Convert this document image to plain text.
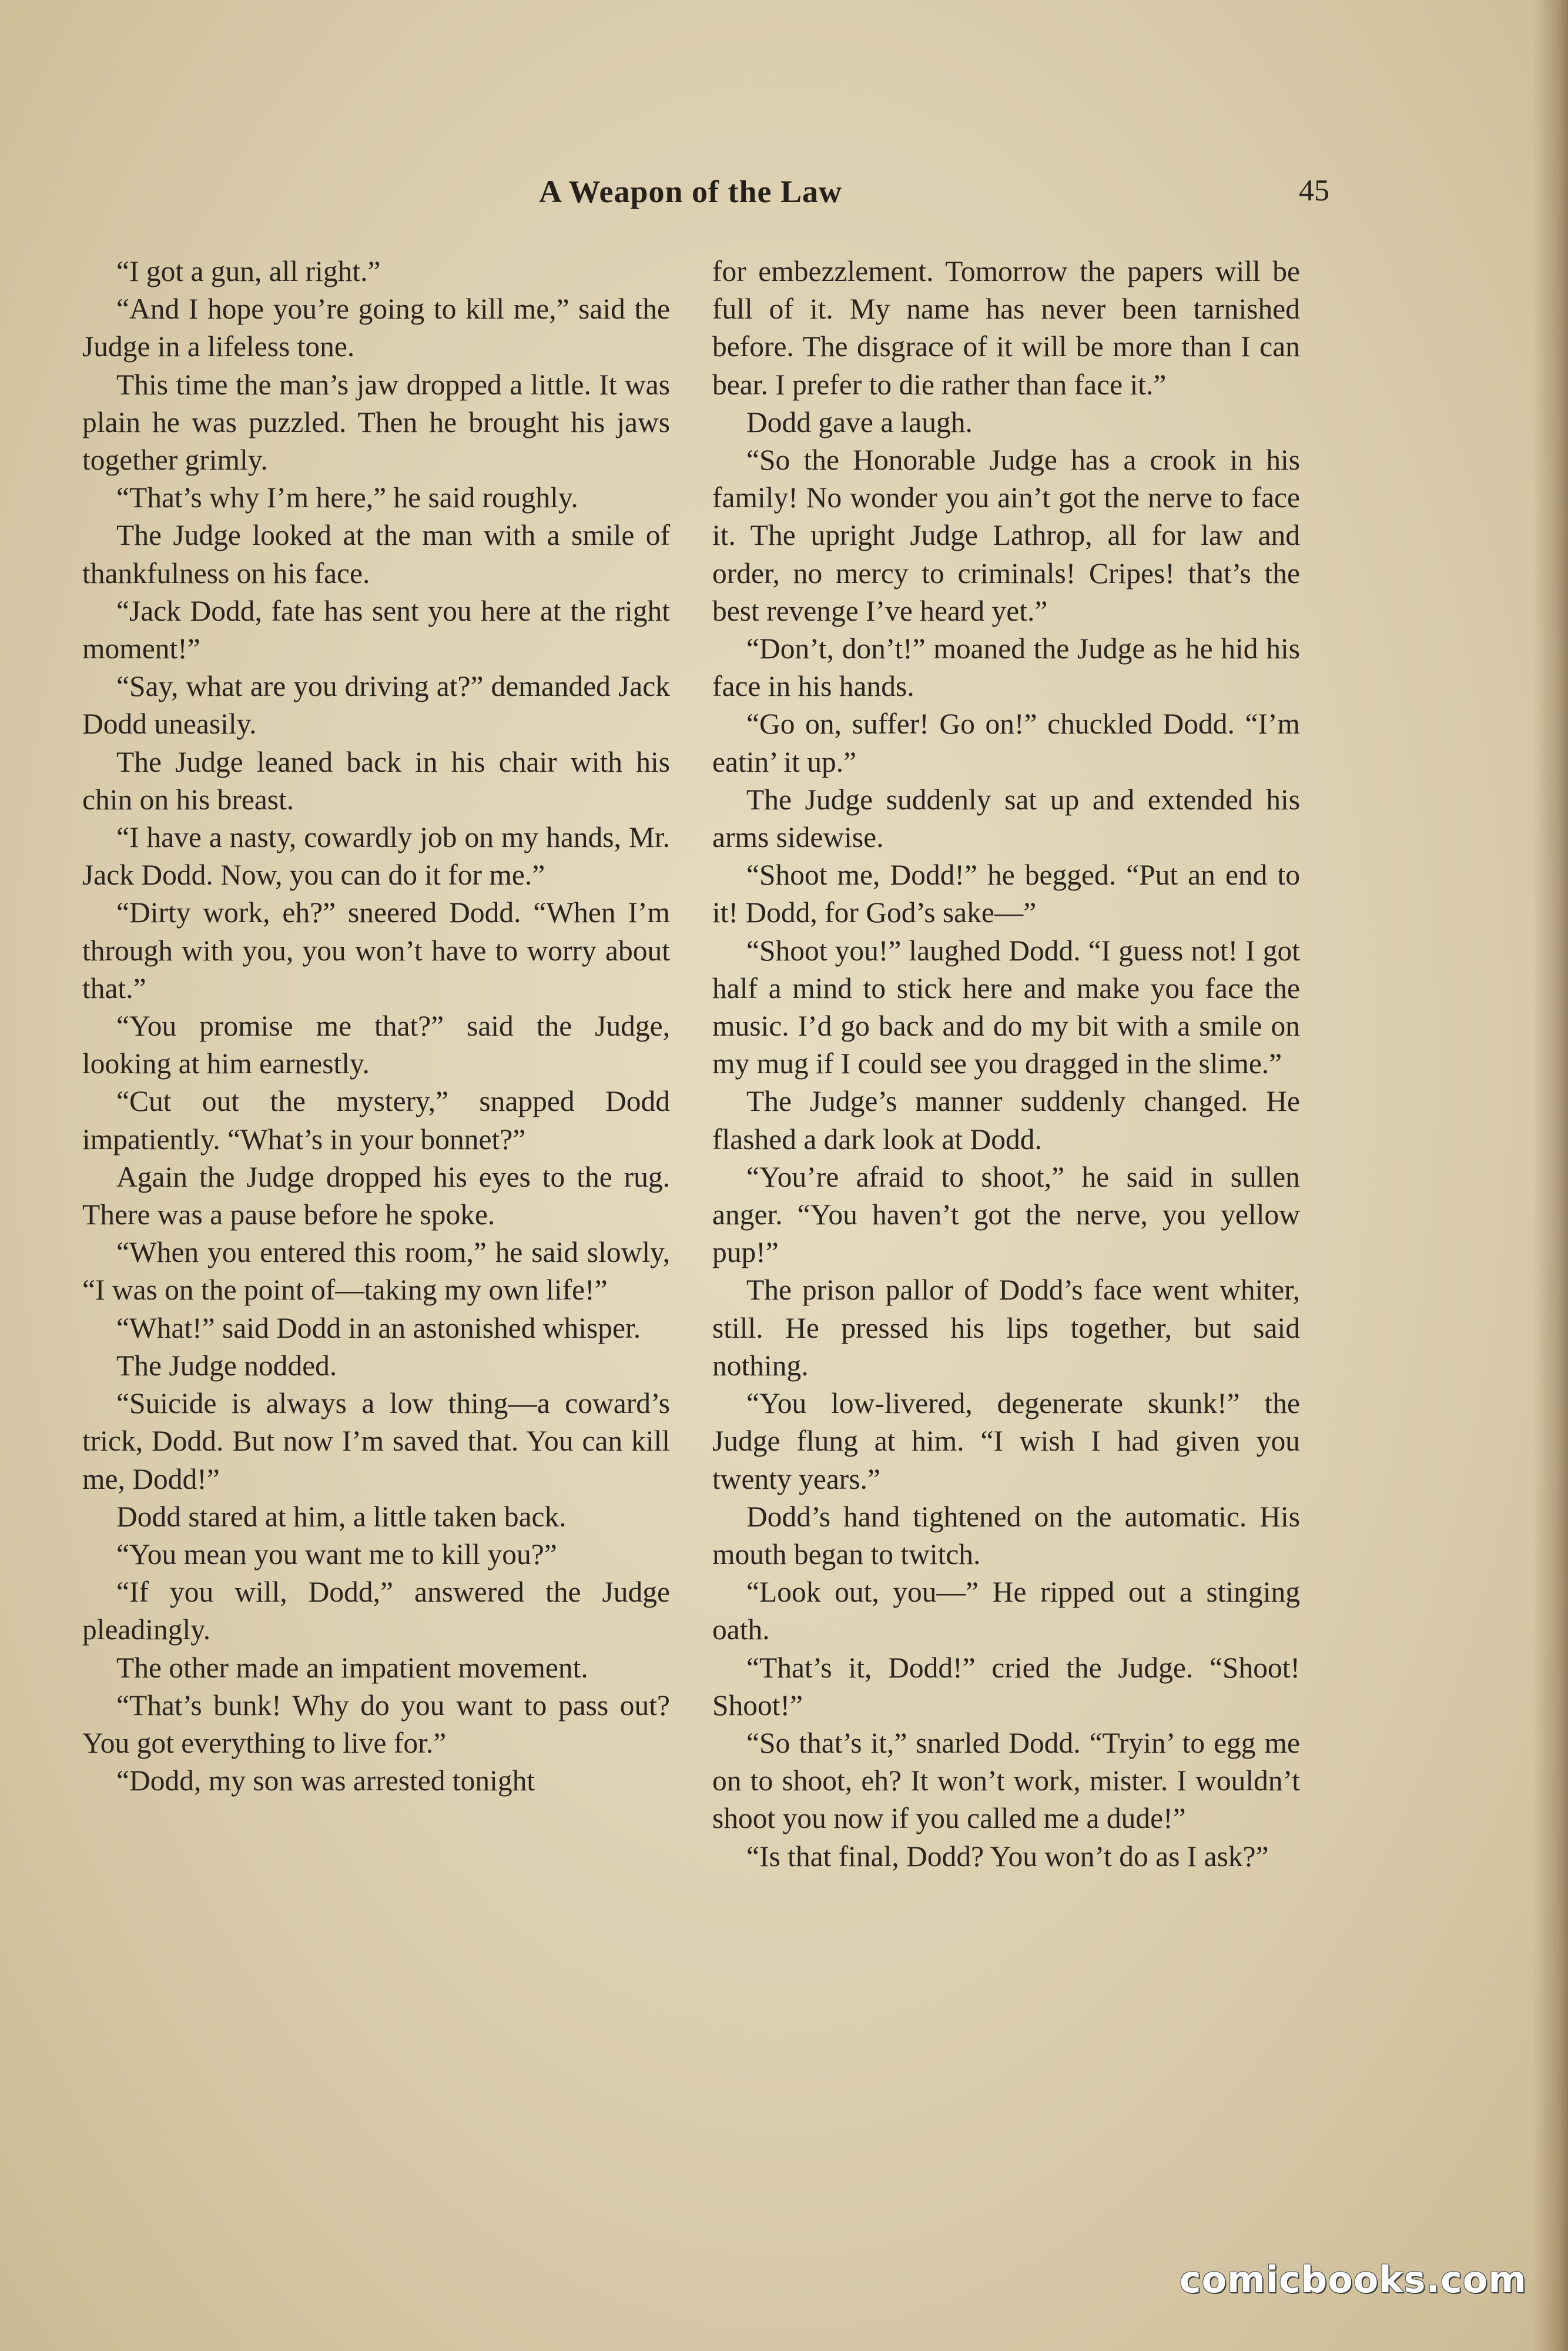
A Weapon of the Law	45

“I got a gun, all right.”

“And I hope you’re going to kill me,” said the Judge in a lifeless tone.

This time the man’s jaw dropped a little. It was plain he was puzzled. Then he brought his jaws together grimly.

“That’s why I’m here,” he said roughly.

The Judge looked at the man with a smile of thankfulness on his face.

“Jack Dodd, fate has sent you here at the right moment!”

“Say, what are you driving at?” demanded Jack Dodd uneasily.

The Judge leaned back in his chair with his chin on his breast.

“I have a nasty, cowardly job on my hands, Mr. Jack Dodd. Now, you can do it for me.”

“Dirty work, eh?” sneered Dodd. “When I’m through with you, you won’t have to worry about that.”

“You promise me that?” said the Judge, looking at him earnestly.

“Cut out the mystery,” snapped Dodd impatiently. “What’s in your bonnet?”

Again the Judge dropped his eyes to the rug. There was a pause before he spoke.

“When you entered this room,” he said slowly, “I was on the point of—taking my own life!”

“What!” said Dodd in an astonished whisper.

The Judge nodded.

“Suicide is always a low thing—a coward’s trick, Dodd. But now I’m saved that. You can kill me, Dodd!”

Dodd stared at him, a little taken back.

“You mean you want me to kill you?”

“If you will, Dodd,” answered the Judge pleadingly.

The other made an impatient movement.

“That’s bunk! Why do you want to pass out? You got everything to live for.”

“Dodd, my son was arrested tonight

for embezzlement. Tomorrow the papers will be full of it. My name has never been tarnished before. The disgrace of it will be more than I can bear. I prefer to die rather than face it.”

Dodd gave a laugh.

“So the Honorable Judge has a crook in his family! No wonder you ain’t got the nerve to face it. The upright Judge Lathrop, all for law and order, no mercy to criminals! Cripes! that’s the best revenge I’ve heard yet.”

“Don’t, don’t!” moaned the Judge as he hid his face in his hands.

“Go on, suffer! Go on!” chuckled Dodd. “I’m eatin’ it up.”

The Judge suddenly sat up and extended his arms sidewise.

“Shoot me, Dodd!” he begged. “Put an end to it! Dodd, for God’s sake—”

“Shoot you!” laughed Dodd. “I guess not! I got half a mind to stick here and make you face the music. I’d go back and do my bit with a smile on my mug if I could see you dragged in the slime.”

The Judge’s manner suddenly changed. He flashed a dark look at Dodd.

“You’re afraid to shoot,” he said in sullen anger. “You haven’t got the nerve, you yellow pup!”

The prison pallor of Dodd’s face went whiter, still. He pressed his lips together, but said nothing.

“You low-livered, degenerate skunk!” the Judge flung at him. “I wish I had given you twenty years.”

Dodd’s hand tightened on the automatic. His mouth began to twitch.

“Look out, you—” He ripped out a stinging oath.

“That’s it, Dodd!” cried the Judge. “Shoot! Shoot!”

“So that’s it,” snarled Dodd. “Tryin’ to egg me on to shoot, eh? It won’t work, mister. I wouldn’t shoot you now if you called me a dude!”

“Is that final, Dodd? You won’t do as I ask?”

comicbooks.com
